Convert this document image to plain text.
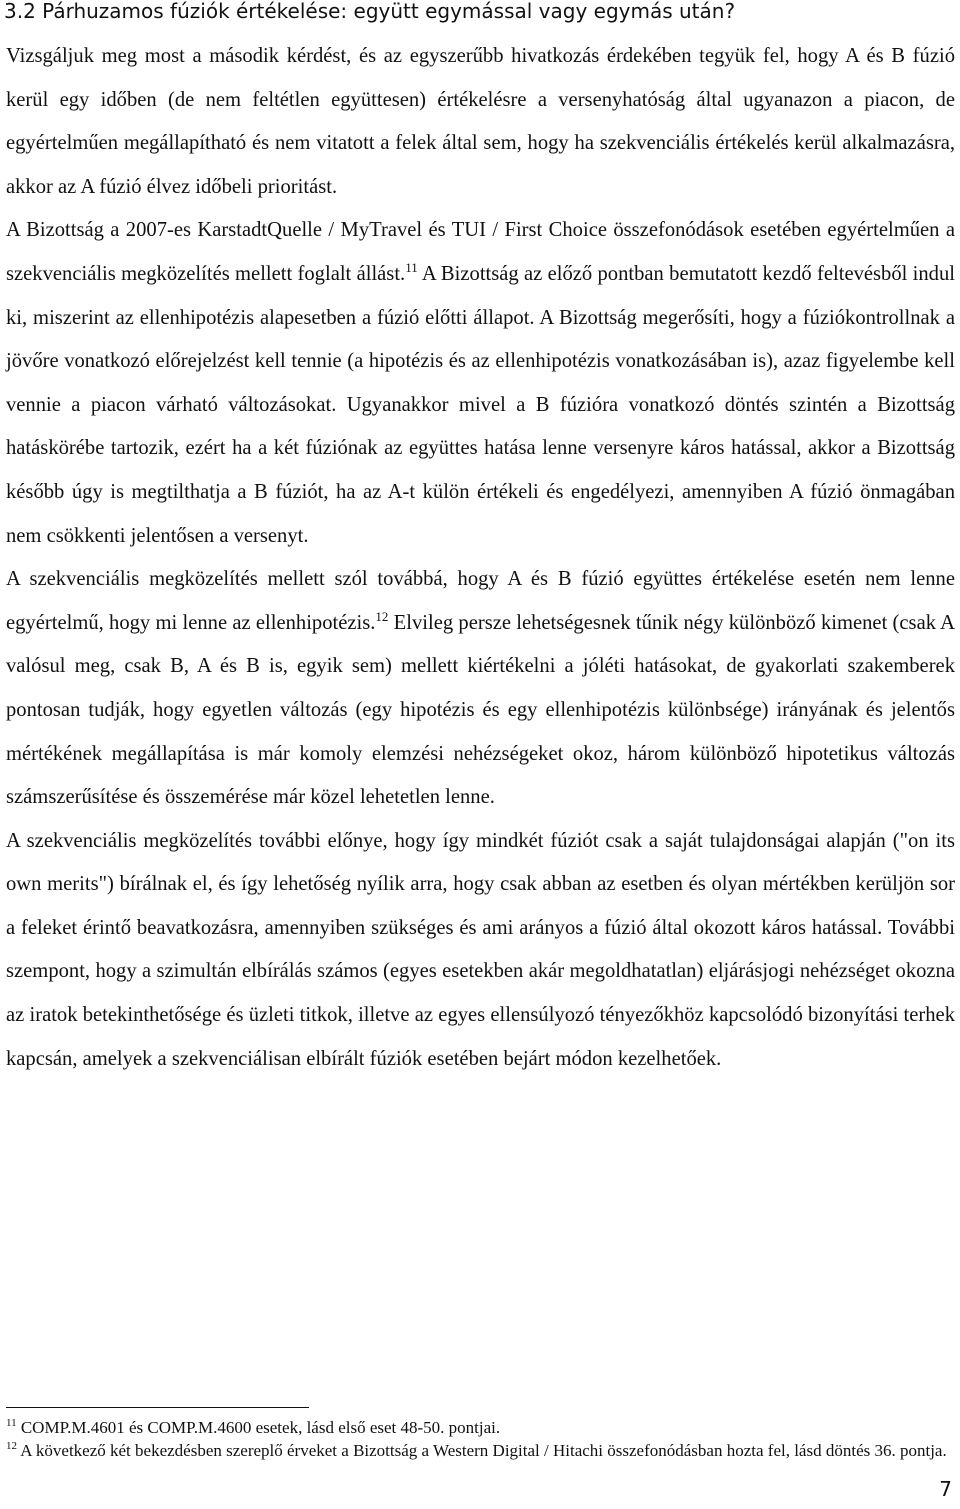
3.2 Párhuzamos fúziók értékelése: együtt egymással vagy egymás után?

Vizsgáljuk meg most a második kérdést, és az egyszerűbb hivatkozás érdekében tegyük fel, hogy A és B fúzió kerül egy időben (de nem feltétlen együttesen) értékelésre a versenyhatóság által ugyanazon a piacon, de egyértelműen megállapítható és nem vitatott a felek által sem, hogy ha szekvenciális értékelés kerül alkalmazásra, akkor az A fúzió élvez időbeli prioritást.

A Bizottság a 2007-es KarstadtQuelle / MyTravel és TUI / First Choice összefonódások esetében egyértelműen a szekvenciális megközelítés mellett foglalt állást.$^{11}$ A Bizottság az előző pontban bemutatott kezdő feltevésből indul ki, miszerint az ellenhipotézis alapesetben a fúzió előtti állapot. A Bizottság megerősíti, hogy a fúziókontrollnak a jövőre vonatkozó előrejelzést kell tennie (a hipotézis és az ellenhipotézis vonatkozásában is), azaz figyelembe kell vennie a piacon várható változásokat. Ugyanakkor mivel a B fúzióra vonatkozó döntés szintén a Bizottság hatáskörébe tartozik, ezért ha a két fúziónak az együttes hatása lenne versenyre káros hatással, akkor a Bizottság később úgy is megtilthatja a B fúziót, ha az A-t külön értékeli és engedélyezi, amennyiben A fúzió önmagában nem csökkenti jelentősen a versenyt.

A szekvenciális megközelítés mellett szól továbbá, hogy A és B fúzió együttes értékelése esetén nem lenne egyértelmű, hogy mi lenne az ellenhipotézis.$^{12}$ Elvileg persze lehetségesnek tűnik négy különböző kimenet (csak A valósul meg, csak B, A és B is, egyik sem) mellett kiértékelni a jóléti hatásokat, de gyakorlati szakemberek pontosan tudják, hogy egyetlen változás (egy hipotézis és egy ellenhipotézis különbsége) irányának és jelentős mértékének megállapítása is már komoly elemzési nehézségeket okoz, három különböző hipotetikus változás számszerűsítése és összemérése már közel lehetetlen lenne.

A szekvenciális megközelítés további előnye, hogy így mindkét fúziót csak a saját tulajdonságai alapján ("on its own merits") bírálnak el, és így lehetőség nyílik arra, hogy csak abban az esetben és olyan mértékben kerüljön sor a feleket érintő beavatkozásra, amennyiben szükséges és ami arányos a fúzió által okozott káros hatással. További szempont, hogy a szimultán elbírálás számos (egyes esetekben akár megoldhatatlan) eljárásjogi nehézséget okozna az iratok betekinthetősége és üzleti titkok, illetve az egyes ellensúlyozó tényezőkhöz kapcsolódó bizonyítási terhek kapcsán, amelyek a szekvenciálisan elbírált fúziók esetében bejárt módon kezelhetőek.

$^{11}$ COMP.M.4601 és COMP.M.4600 esetek, lásd első eset 48-50. pontjai.

$^{12}$ A következő két bekezdésben szereplő érveket a Bizottság a Western Digital / Hitachi összefonódásban hozta fel, lásd döntés 36. pontja.

7
